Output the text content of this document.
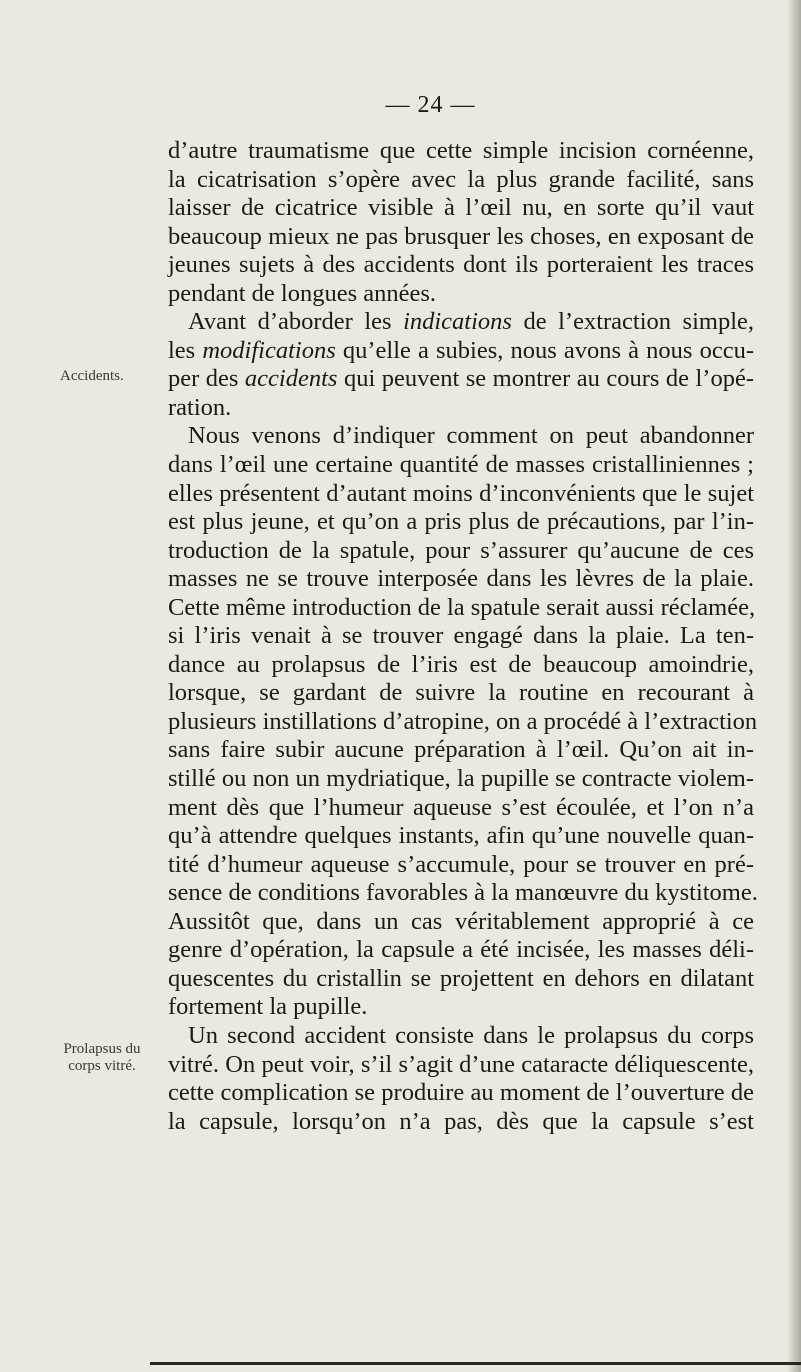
— 24 —
Accidents.
Prolapsus du
corps vitré.
d’autre traumatisme que cette simple incision cornéenne,
la cicatrisation s’opère avec la plus grande facilité, sans
laisser de cicatrice visible à l’œil nu, en sorte qu’il vaut
beaucoup mieux ne pas brusquer les choses, en exposant de
jeunes sujets à des accidents dont ils porteraient les traces
pendant de longues années.
Avant d’aborder les indications de l’extraction simple,
les modifications qu’elle a subies, nous avons à nous occu-
per des accidents qui peuvent se montrer au cours de l’opé-
ration.
Nous venons d’indiquer comment on peut abandonner
dans l’œil une certaine quantité de masses cristalliniennes ;
elles présentent d’autant moins d’inconvénients que le sujet
est plus jeune, et qu’on a pris plus de précautions, par l’in-
troduction de la spatule, pour s’assurer qu’aucune de ces
masses ne se trouve interposée dans les lèvres de la plaie.
Cette même introduction de la spatule serait aussi réclamée,
si l’iris venait à se trouver engagé dans la plaie. La ten-
dance au prolapsus de l’iris est de beaucoup amoindrie,
lorsque, se gardant de suivre la routine en recourant à
plusieurs instillations d’atropine, on a procédé à l’extraction
sans faire subir aucune préparation à l’œil. Qu’on ait in-
stillé ou non un mydriatique, la pupille se contracte violem-
ment dès que l’humeur aqueuse s’est écoulée, et l’on n’a
qu’à attendre quelques instants, afin qu’une nouvelle quan-
tité d’humeur aqueuse s’accumule, pour se trouver en pré-
sence de conditions favorables à la manœuvre du kystitome.
Aussitôt que, dans un cas véritablement approprié à ce
genre d’opération, la capsule a été incisée, les masses déli-
quescentes du cristallin se projettent en dehors en dilatant
fortement la pupille.
Un second accident consiste dans le prolapsus du corps
vitré. On peut voir, s’il s’agit d’une cataracte déliquescente,
cette complication se produire au moment de l’ouverture de
la capsule, lorsqu’on n’a pas, dès que la capsule s’est
